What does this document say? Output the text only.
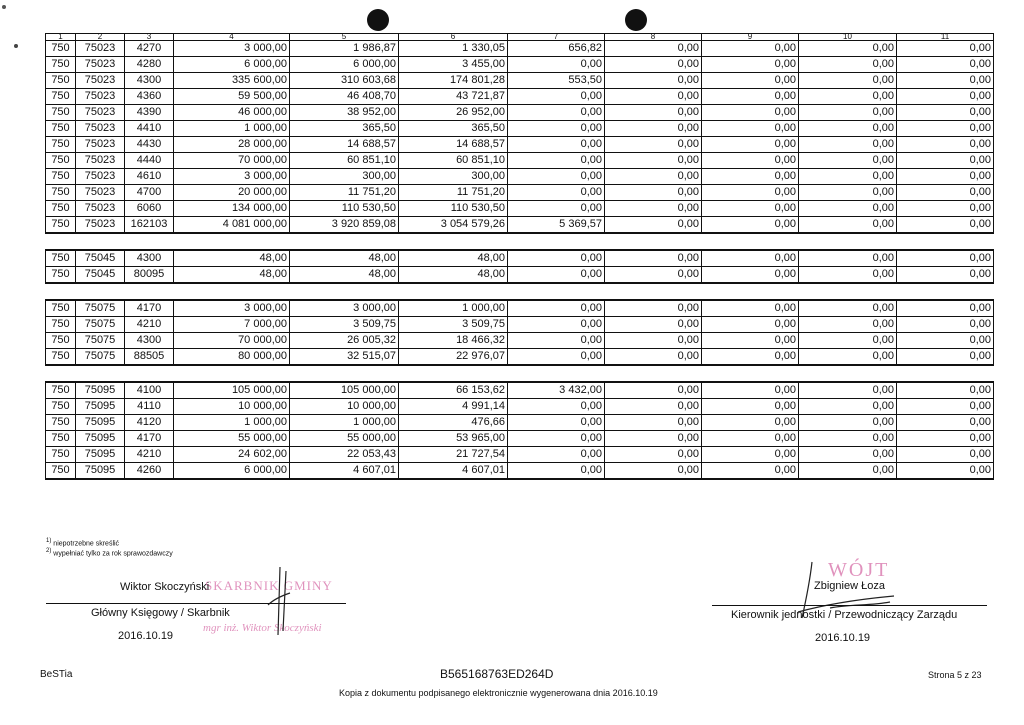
1	2	3	4	5	6	7	8	9	10	11
750	75023	4270	3 000,00	1 986,87	1 330,05	656,82	0,00	0,00	0,00	0,00
750	75023	4280	6 000,00	6 000,00	3 455,00	0,00	0,00	0,00	0,00	0,00
750	75023	4300	335 600,00	310 603,68	174 801,28	553,50	0,00	0,00	0,00	0,00
750	75023	4360	59 500,00	46 408,70	43 721,87	0,00	0,00	0,00	0,00	0,00
750	75023	4390	46 000,00	38 952,00	26 952,00	0,00	0,00	0,00	0,00	0,00
750	75023	4410	1 000,00	365,50	365,50	0,00	0,00	0,00	0,00	0,00
750	75023	4430	28 000,00	14 688,57	14 688,57	0,00	0,00	0,00	0,00	0,00
750	75023	4440	70 000,00	60 851,10	60 851,10	0,00	0,00	0,00	0,00	0,00
750	75023	4610	3 000,00	300,00	300,00	0,00	0,00	0,00	0,00	0,00
750	75023	4700	20 000,00	11 751,20	11 751,20	0,00	0,00	0,00	0,00	0,00
750	75023	6060	134 000,00	110 530,50	110 530,50	0,00	0,00	0,00	0,00	0,00
750	75023	162103	4 081 000,00	3 920 859,08	3 054 579,26	5 369,57	0,00	0,00	0,00	0,00

750	75045	4300	48,00	48,00	48,00	0,00	0,00	0,00	0,00	0,00
750	75045	80095	48,00	48,00	48,00	0,00	0,00	0,00	0,00	0,00

750	75075	4170	3 000,00	3 000,00	1 000,00	0,00	0,00	0,00	0,00	0,00
750	75075	4210	7 000,00	3 509,75	3 509,75	0,00	0,00	0,00	0,00	0,00
750	75075	4300	70 000,00	26 005,32	18 466,32	0,00	0,00	0,00	0,00	0,00
750	75075	88505	80 000,00	32 515,07	22 976,07	0,00	0,00	0,00	0,00	0,00

750	75095	4100	105 000,00	105 000,00	66 153,62	3 432,00	0,00	0,00	0,00	0,00
750	75095	4110	10 000,00	10 000,00	4 991,14	0,00	0,00	0,00	0,00	0,00
750	75095	4120	1 000,00	1 000,00	476,66	0,00	0,00	0,00	0,00	0,00
750	75095	4170	55 000,00	55 000,00	53 965,00	0,00	0,00	0,00	0,00	0,00
750	75095	4210	24 602,00	22 053,43	21 727,54	0,00	0,00	0,00	0,00	0,00
750	75095	4260	6 000,00	4 607,01	4 607,01	0,00	0,00	0,00	0,00	0,00
$^{1)}$ niepotrzebne skreślić
$^{2)}$ wypełniać tylko za rok sprawozdawczy
SKARBNIK GMINY
mgr inż. Wiktor Skoczyński
Wiktor Skoczyński
Główny Księgowy / Skarbnik
2016.10.19
WÓJT
Zbigniew Łoza
Kierownik jednostki / Przewodniczący Zarządu
2016.10.19
BeSTia	B565168763ED264D	Strona 5 z 23
Kopia z dokumentu podpisanego elektronicznie wygenerowana dnia 2016.10.19
